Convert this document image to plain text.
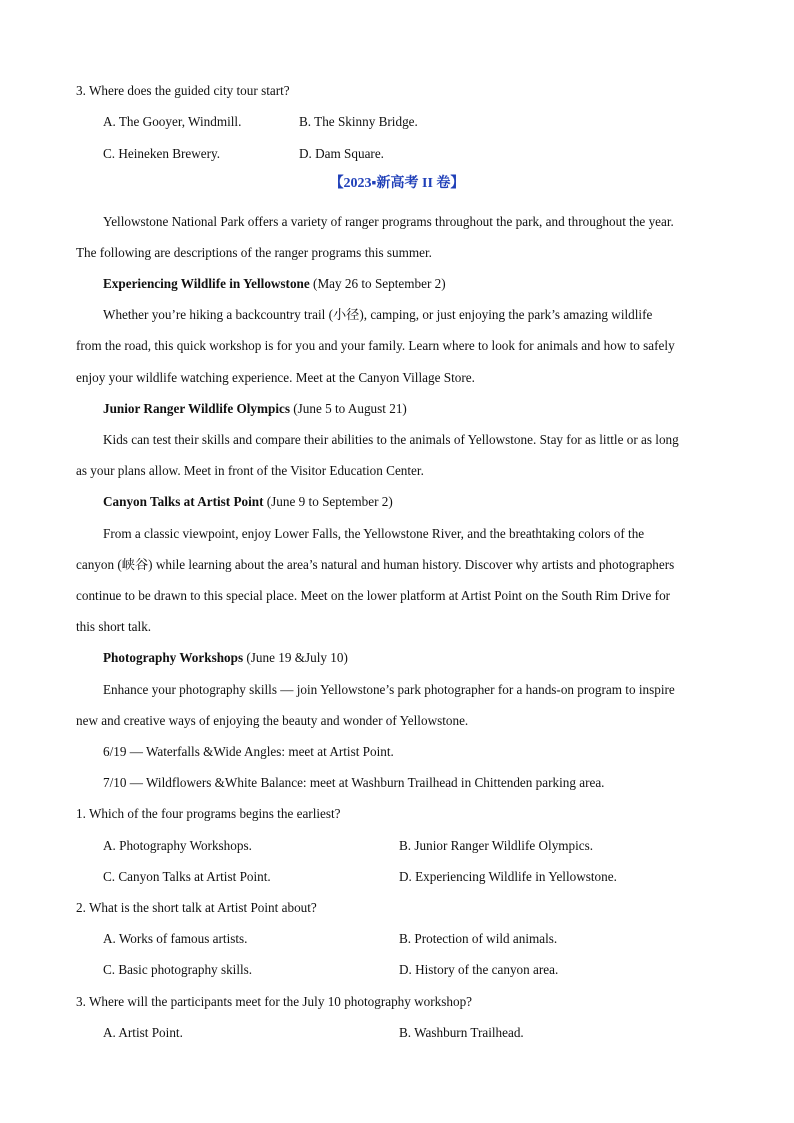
3. Where does the guided city tour start?
A. The Gooyer, Windmill.	B. The Skinny Bridge.
C. Heineken Brewery.	D. Dam Square.
【2023▪新高考 II 卷】
Yellowstone National Park offers a variety of ranger programs throughout the park, and throughout the year.
The following are descriptions of the ranger programs this summer.
Experiencing Wildlife in Yellowstone (May 26 to September 2)
Whether you’re hiking a backcountry trail (小径), camping, or just enjoying the park’s amazing wildlife
from the road, this quick workshop is for you and your family. Learn where to look for animals and how to safely
enjoy your wildlife watching experience. Meet at the Canyon Village Store.
Junior Ranger Wildlife Olympics (June 5 to August 21)
Kids can test their skills and compare their abilities to the animals of Yellowstone. Stay for as little or as long
as your plans allow. Meet in front of the Visitor Education Center.
Canyon Talks at Artist Point (June 9 to September 2)
From a classic viewpoint, enjoy Lower Falls, the Yellowstone River, and the breathtaking colors of the
canyon (峡谷) while learning about the area’s natural and human history. Discover why artists and photographers
continue to be drawn to this special place. Meet on the lower platform at Artist Point on the South Rim Drive for
this short talk.
Photography Workshops (June 19 &July 10)
Enhance your photography skills — join Yellowstone’s park photographer for a hands-on program to inspire
new and creative ways of enjoying the beauty and wonder of Yellowstone.
6/19 — Waterfalls &Wide Angles: meet at Artist Point.
7/10 — Wildflowers &White Balance: meet at Washburn Trailhead in Chittenden parking area.
1. Which of the four programs begins the earliest?
A. Photography Workshops.	B. Junior Ranger Wildlife Olympics.
C. Canyon Talks at Artist Point.	D. Experiencing Wildlife in Yellowstone.
2. What is the short talk at Artist Point about?
A. Works of famous artists.	B. Protection of wild animals.
C. Basic photography skills.	D. History of the canyon area.
3. Where will the participants meet for the July 10 photography workshop?
A. Artist Point.	B. Washburn Trailhead.
